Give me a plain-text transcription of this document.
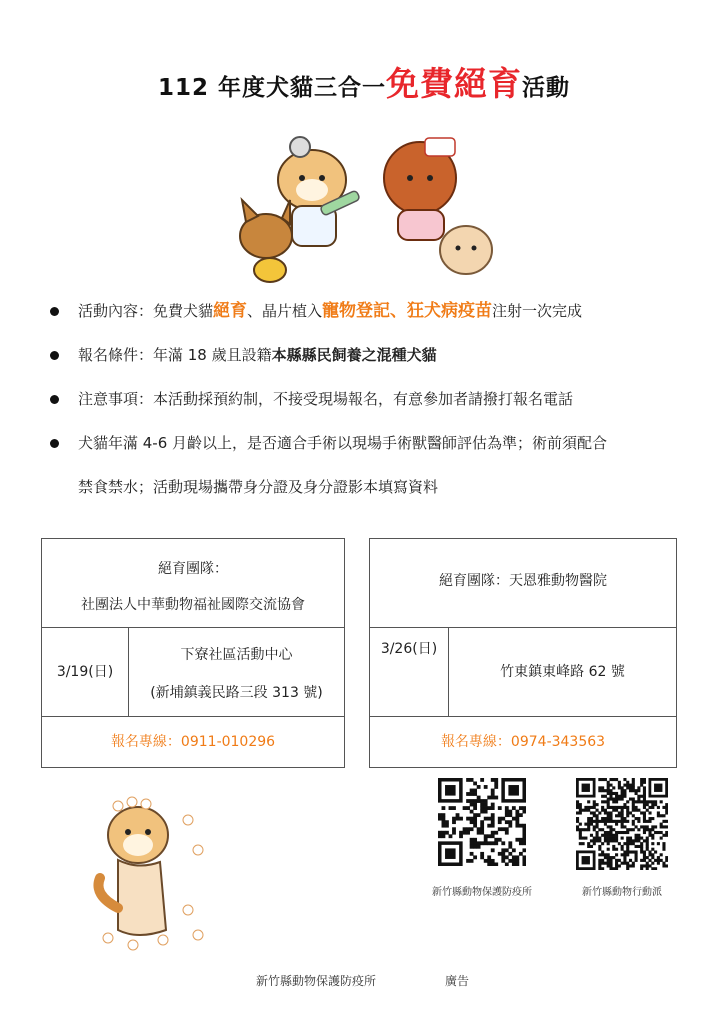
112 年度犬貓三合一免費絕育活動
活動內容：免費犬貓絕育、晶片植入寵物登記、狂犬病疫苗注射一次完成
報名條件：年滿 18 歲且設籍本縣縣民飼養之混種犬貓
注意事項：本活動採預約制，不接受現場報名，有意參加者請撥打報名電話
犬貓年滿 4-6 月齡以上，是否適合手術以現場手術獸醫師評估為準；術前須配合
禁食禁水；活動現場攜帶身分證及身分證影本填寫資料
絕育團隊：
社團法人中華動物福祉國際交流協會
3/19(日)
下寮社區活動中心
(新埔鎮義民路三段 313 號)
報名專線：0911-010296
絕育團隊：天恩雅動物醫院
3/26(日)
竹東鎮東峰路 62 號
報名專線：0974-343563
新竹縣動物保護防疫所	新竹縣動物行動派
新竹縣動物保護防疫所	廣告
